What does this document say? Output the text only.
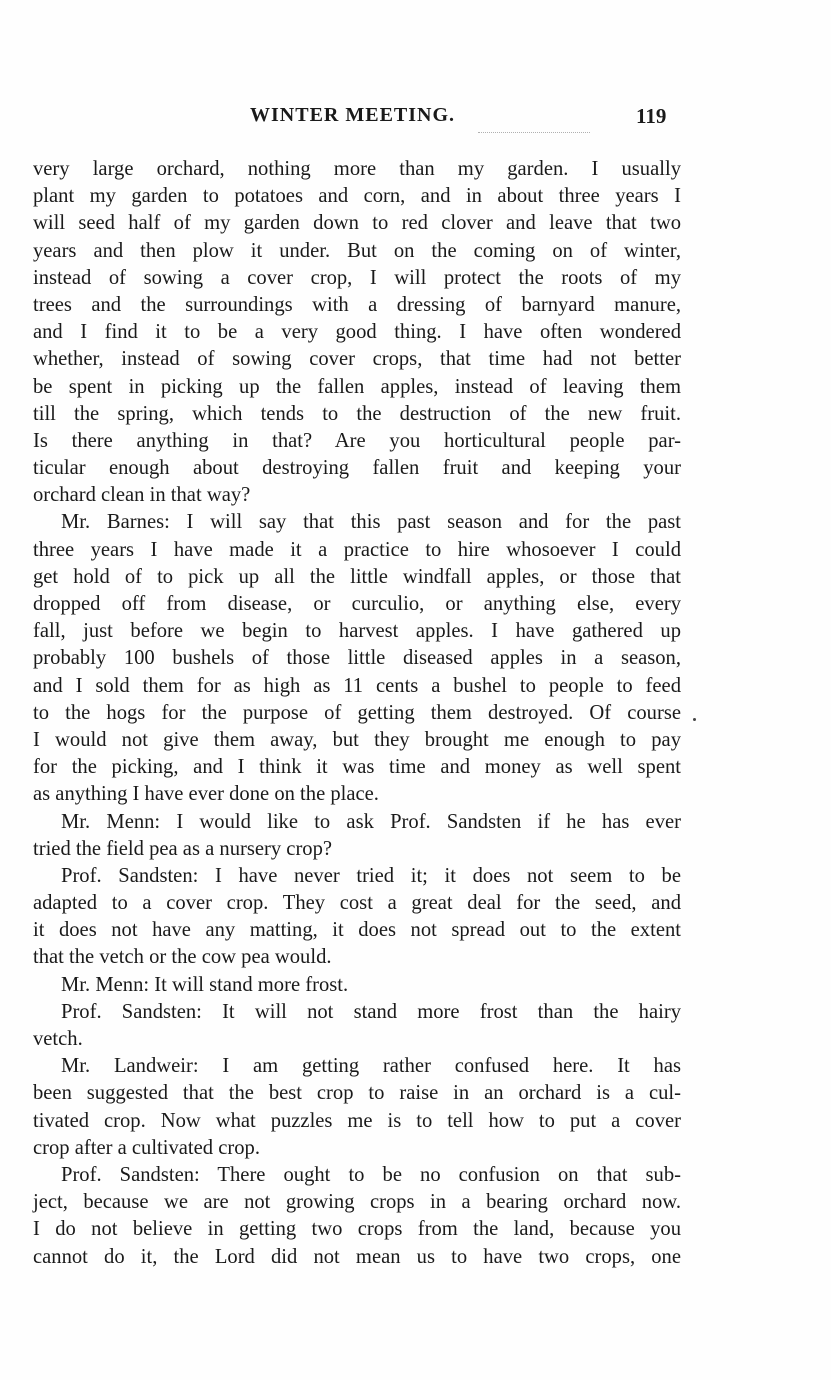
WINTER MEETING.	119
very large orchard, nothing more than my garden. I usually
plant my garden to potatoes and corn, and in about three years I
will seed half of my garden down to red clover and leave that two
years and then plow it under. But on the coming on of winter,
instead of sowing a cover crop, I will protect the roots of my
trees and the surroundings with a dressing of barnyard manure,
and I find it to be a very good thing. I have often wondered
whether, instead of sowing cover crops, that time had not better
be spent in picking up the fallen apples, instead of leaving them
till the spring, which tends to the destruction of the new fruit.
Is there anything in that? Are you horticultural people par-
ticular enough about destroying fallen fruit and keeping your
orchard clean in that way?
Mr. Barnes: I will say that this past season and for the past
three years I have made it a practice to hire whosoever I could
get hold of to pick up all the little windfall apples, or those that
dropped off from disease, or curculio, or anything else, every
fall, just before we begin to harvest apples. I have gathered up
probably 100 bushels of those little diseased apples in a season,
and I sold them for as high as 11 cents a bushel to people to feed
to the hogs for the purpose of getting them destroyed. Of course
I would not give them away, but they brought me enough to pay
for the picking, and I think it was time and money as well spent
as anything I have ever done on the place.
Mr. Menn: I would like to ask Prof. Sandsten if he has ever
tried the field pea as a nursery crop?
Prof. Sandsten: I have never tried it; it does not seem to be
adapted to a cover crop. They cost a great deal for the seed, and
it does not have any matting, it does not spread out to the extent
that the vetch or the cow pea would.
Mr. Menn: It will stand more frost.
Prof. Sandsten: It will not stand more frost than the hairy
vetch.
Mr. Landweir: I am getting rather confused here. It has
been suggested that the best crop to raise in an orchard is a cul-
tivated crop. Now what puzzles me is to tell how to put a cover
crop after a cultivated crop.
Prof. Sandsten: There ought to be no confusion on that sub-
ject, because we are not growing crops in a bearing orchard now.
I do not believe in getting two crops from the land, because you
cannot do it, the Lord did not mean us to have two crops, one
